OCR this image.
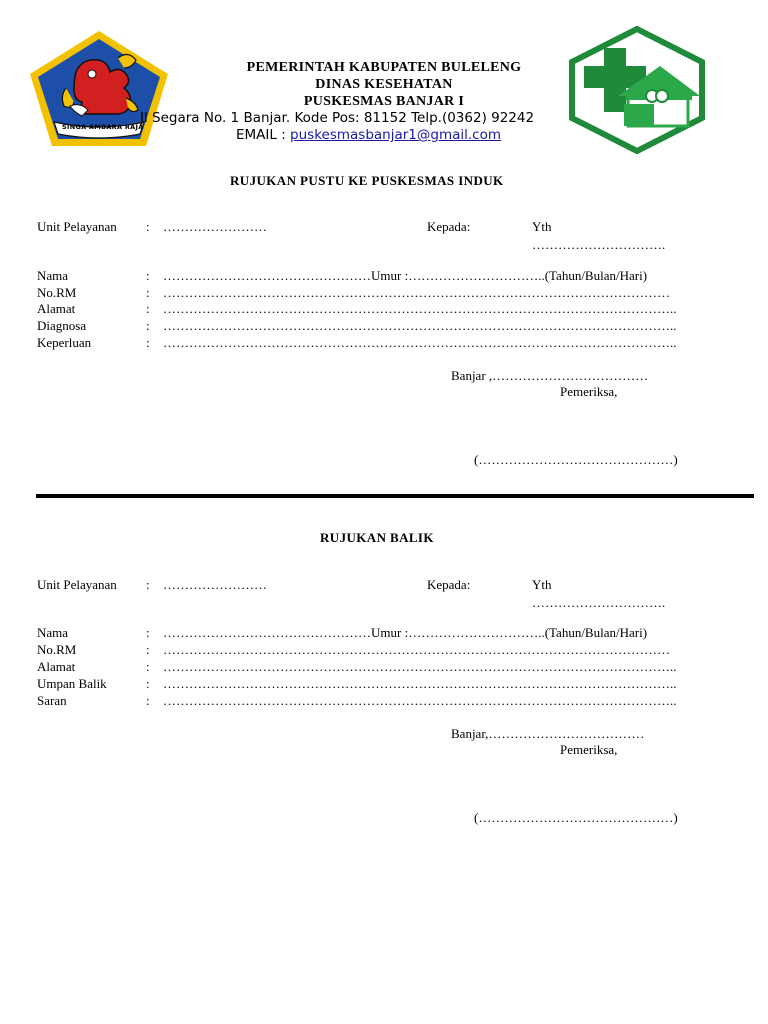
SINGA AMBARA RAJA
PEMERINTAH KABUPATEN BULELENG
DINAS KESEHATAN
PUSKESMAS BANJAR I
Jl Segara No. 1 Banjar. Kode Pos: 81152 Telp.(0362) 92242
EMAIL : puskesmasbanjar1@gmail.com
RUJUKAN PUSTU KE PUSKESMAS INDUK
Unit Pelayanan : ……………………	Kepada:	Yth
………………………….
Nama	: …………………………………………Umur :…………………………..(Tahun/Bulan/Hari)
No.RM	: ………………………………………………………………………………………………………
Alamat	: ………………………………………………………………………………………………………..
Diagnosa	: ………………………………………………………………………………………………………..
Keperluan	: ………………………………………………………………………………………………………..
Banjar ,………………………………
Pemeriksa,
(………………………………………)
RUJUKAN BALIK
Unit Pelayanan : ……………………	Kepada:	Yth
………………………….
Nama	: …………………………………………Umur :…………………………..(Tahun/Bulan/Hari)
No.RM	: ………………………………………………………………………………………………………
Alamat	: ………………………………………………………………………………………………………..
Umpan Balik	: ………………………………………………………………………………………………………..
Saran	: ………………………………………………………………………………………………………..
Banjar,………………………………
Pemeriksa,
(………………………………………)
